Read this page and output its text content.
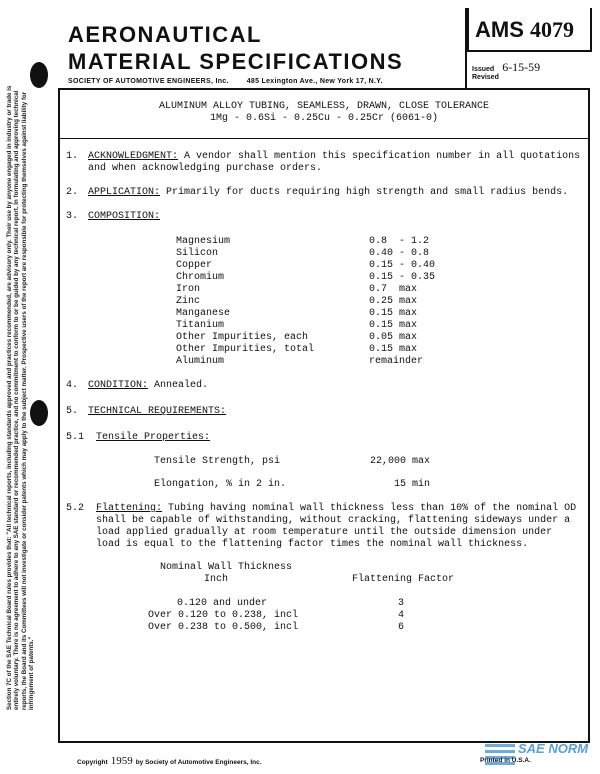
Section 7C of the SAE Technical Board rules provides that: "All technical reports, including standards approved and practices recommended, are advisory only. Their use by anyone engaged in industry or trade is entirely voluntary. There is no agreement to adhere to any SAE standard or recommended practice, and no commitment to conform to or be guided by any technical report. In formulating and approving technical reports, the Board and its Committees will not investigate or consider patents which may apply to the subject matter. Prospective users of the report are responsible for protecting themselves against liability for infringement of patents."
AERONAUTICAL
MATERIAL SPECIFICATIONS
SOCIETY OF AUTOMOTIVE ENGINEERS, Inc.	485 Lexington Ave., New York 17, N.Y.
AMS 4079
Issued 6-15-59
Revised
ALUMINUM ALLOY TUBING, SEAMLESS, DRAWN, CLOSE TOLERANCE
1Mg - 0.6Si - 0.25Cu - 0.25Cr (6061-0)
1. ACKNOWLEDGMENT: A vendor shall mention this specification number in all quotations and when acknowledging purchase orders.
2. APPLICATION: Primarily for ducts requiring high strength and small radius bends.
3. COMPOSITION:
Magnesium	0.8  - 1.2
Silicon	0.40 - 0.8
Copper	0.15 - 0.40
Chromium	0.15 - 0.35
Iron	0.7  max
Zinc	0.25 max
Manganese	0.15 max
Titanium	0.15 max
Other Impurities, each	0.05 max
Other Impurities, total	0.15 max
Aluminum	remainder
4. CONDITION: Annealed.
5. TECHNICAL REQUIREMENTS:
5.1 Tensile Properties:
Tensile Strength, psi	22,000 max
Elongation, % in 2 in.	15 min
5.2 Flattening: Tubing having nominal wall thickness less than 10% of the nominal OD shall be capable of withstanding, without cracking, flattening sideways under a load applied gradually at room temperature until the outside dimension under load is equal to the flattening factor times the nominal wall thickness.
Nominal Wall Thickness
Inch	Flattening Factor
0.120 and under	3
Over 0.120 to 0.238, incl	4
Over 0.238 to 0.500, incl	6
Copyright 1959 by Society of Automotive Engineers, Inc.
SAE NORM
Printed in U.S.A.
